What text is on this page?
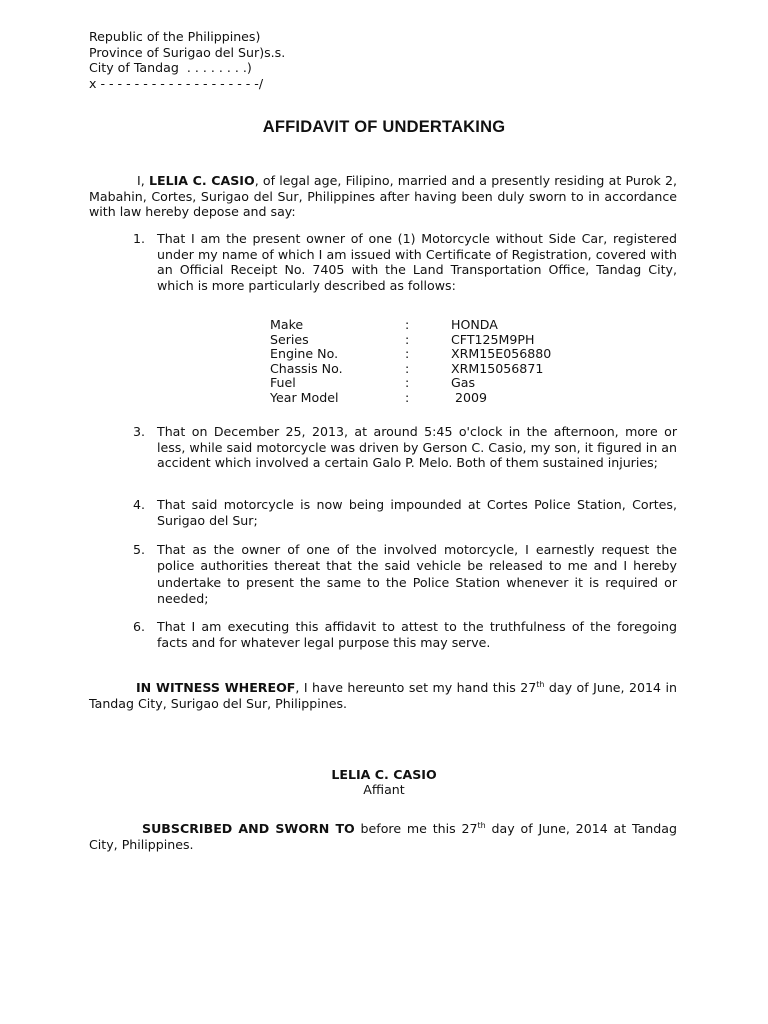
Republic of the Philippines)
Province of Surigao del Sur)s.s.
City of Tandag  . . . . . . . .)
x - - - - - - - - - - - - - - - - - - -/
AFFIDAVIT OF UNDERTAKING
I, LELIA C. CASIO, of legal age, Filipino, married and a presently residing at Purok 2, Mabahin, Cortes, Surigao del Sur, Philippines after having been duly sworn to in accordance with law hereby depose and say:
1. That I am the present owner of one (1) Motorcycle without Side Car, registered under my name of which I am issued with Certificate of Registration, covered with an Official Receipt No. 7405 with the Land Transportation Office, Tandag City, which is more particularly described as follows:
Make	:	HONDA
Series	:	CFT125M9PH
Engine No.	:	XRM15E056880
Chassis No.	:	XRM15056871
Fuel	:	Gas
Year Model	:	2009
3. That on December 25, 2013, at around 5:45 o'clock in the afternoon, more or less, while said motorcycle was driven by Gerson C. Casio, my son, it figured in an accident which involved a certain Galo P. Melo. Both of them sustained injuries;
4. That said motorcycle is now being impounded at Cortes Police Station, Cortes, Surigao del Sur;
5. That as the owner of one of the involved motorcycle, I earnestly request the police authorities thereat that the said vehicle be released to me and I hereby undertake to present the same to the Police Station whenever it is required or needed;
6. That I am executing this affidavit to attest to the truthfulness of the foregoing facts and for whatever legal purpose this may serve.
IN WITNESS WHEREOF, I have hereunto set my hand this 27th day of June, 2014 in Tandag City, Surigao del Sur, Philippines.
LELIA C. CASIO
Affiant
SUBSCRIBED AND SWORN TO before me this 27th day of June, 2014 at Tandag City, Philippines.
